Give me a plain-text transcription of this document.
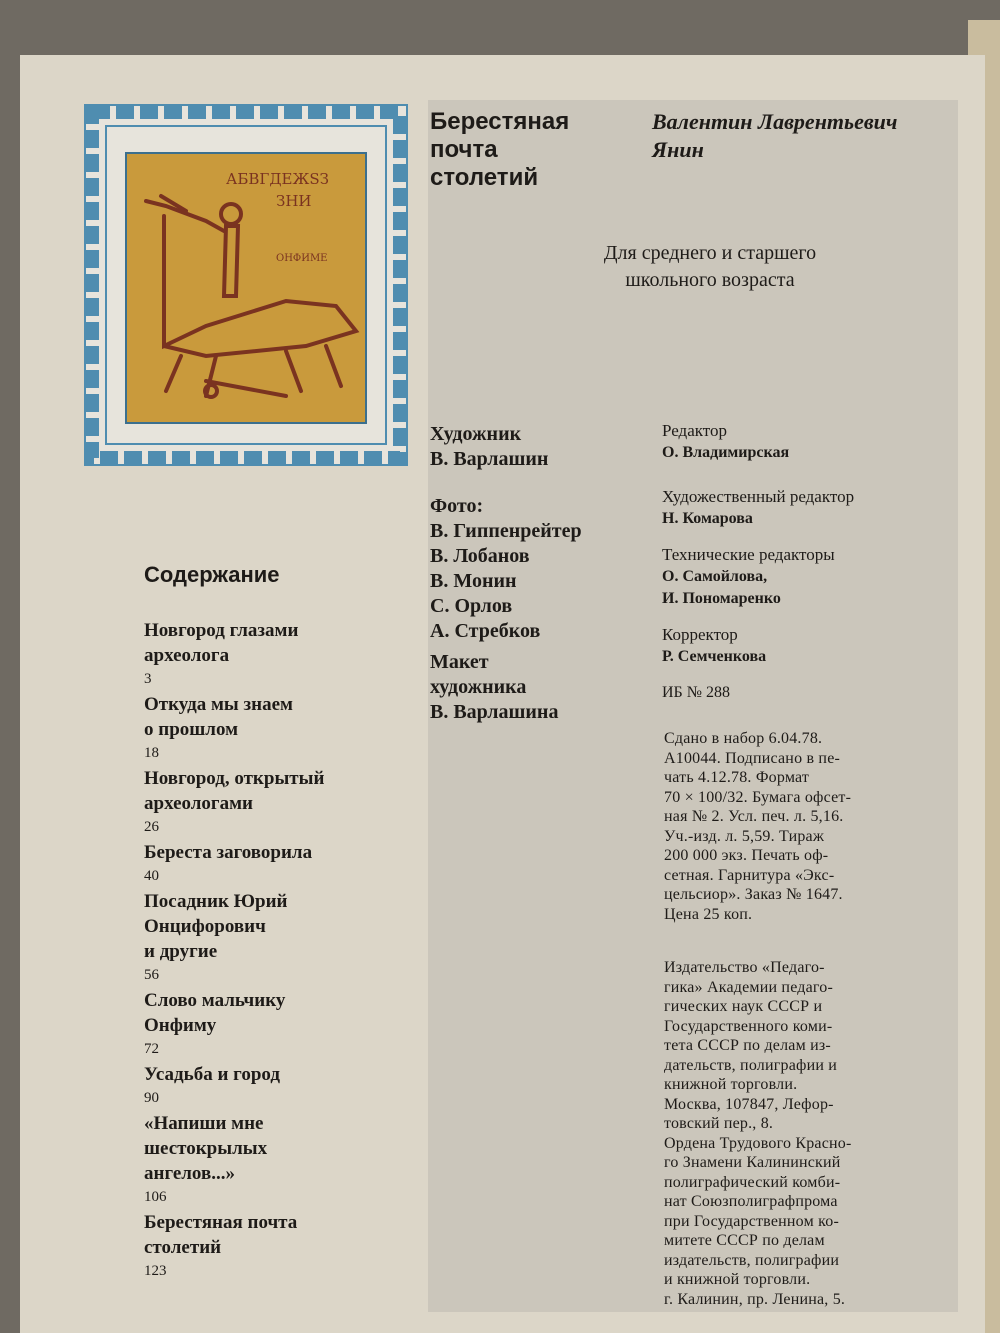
АБВГДЕЖЅЗ
ЗНИ
ОНФИМЕ
Берестяная
почта
столетий
Валентин Лаврентьевич
Янин
Для среднего и старшего
школьного возраста
Художник
В. Варлашин
Фото:
В. Гиппенрейтер
В. Лобанов
В. Монин
С. Орлов
А. Стребков
Макет
художника
В. Варлашина
Редактор
О. Владимирская
Художественный редактор
Н. Комарова
Технические редакторы
О. Самойлова,
И. Пономаренко
Корректор
Р. Семченкова
ИБ № 288
Сдано в набор 6.04.78.
А10044. Подписано в пе-
чать 4.12.78. Формат
70 × 100/32. Бумага офсет-
ная № 2. Усл. печ. л. 5,16.
Уч.-изд. л. 5,59. Тираж
200 000 экз. Печать оф-
сетная. Гарнитура «Экс-
цельсиор». Заказ № 1647.
Цена 25 коп.
Издательство «Педаго-
гика» Академии педаго-
гических наук СССР и
Государственного коми-
тета СССР по делам из-
дательств, полиграфии и
книжной торговли.
Москва, 107847, Лефор-
товский пер., 8.
Ордена Трудового Красно-
го Знамени Калининский
полиграфический комби-
нат Союзполиграфпрома
при Государственном ко-
митете СССР по делам
издательств, полиграфии
и книжной торговли.
г. Калинин, пр. Ленина, 5.
Содержание
Новгород глазами
археолога
3
Откуда мы знаем
о прошлом
18
Новгород, открытый
археологами
26
Береста заговорила
40
Посадник Юрий
Онцифорович
и другие
56
Слово мальчику
Онфиму
72
Усадьба и город
90
«Напиши мне
шестокрылых
ангелов...»
106
Берестяная почта
столетий
123
